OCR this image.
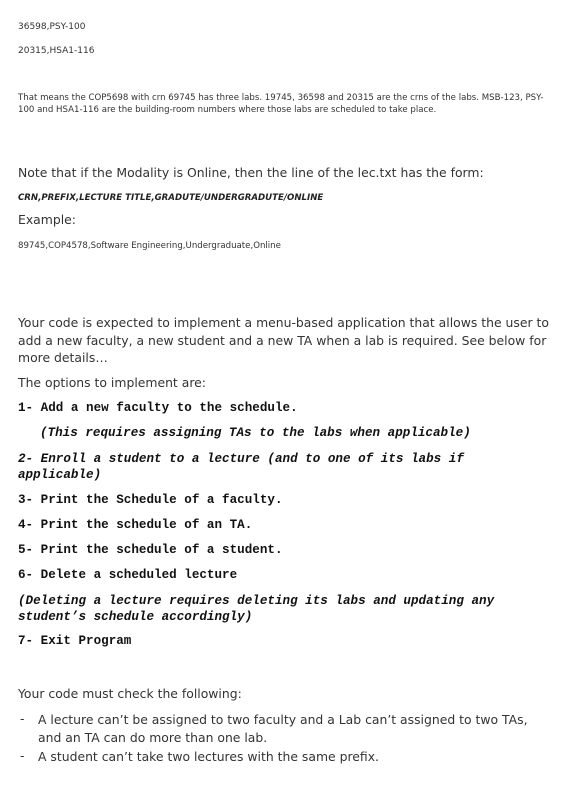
36598,PSY-100
20315,HSA1-116
That means the COP5698 with crn 69745 has three labs. 19745, 36598 and 20315 are the crns of the labs. MSB-123, PSY-100 and HSA1-116 are the building-room numbers where those labs are scheduled to take place.
Note that if the Modality is Online, then the line of the lec.txt has the form:
CRN,PREFIX,LECTURE TITLE,GRADUTE/UNDERGRADUTE/ONLINE
Example:
89745,COP4578,Software Engineering,Undergraduate,Online
Your code is expected to implement a menu-based application that allows the user to add a new faculty, a new student and a new TA when a lab is required. See below for more details…
The options to implement are:
1- Add a new faculty to the schedule.
(This requires assigning TAs to the labs when applicable)
2- Enroll a student to a lecture (and to one of its labs if applicable)
3- Print the Schedule of a faculty.
4- Print the schedule of an TA.
5- Print the schedule of a student.
6- Delete a scheduled lecture
(Deleting a lecture requires deleting its labs and updating any student’s schedule accordingly)
7- Exit Program
Your code must check the following:
- A lecture can’t be assigned to two faculty and a Lab can’t assigned to two TAs, and an TA can do more than one lab.
- A student can’t take two lectures with the same prefix.
